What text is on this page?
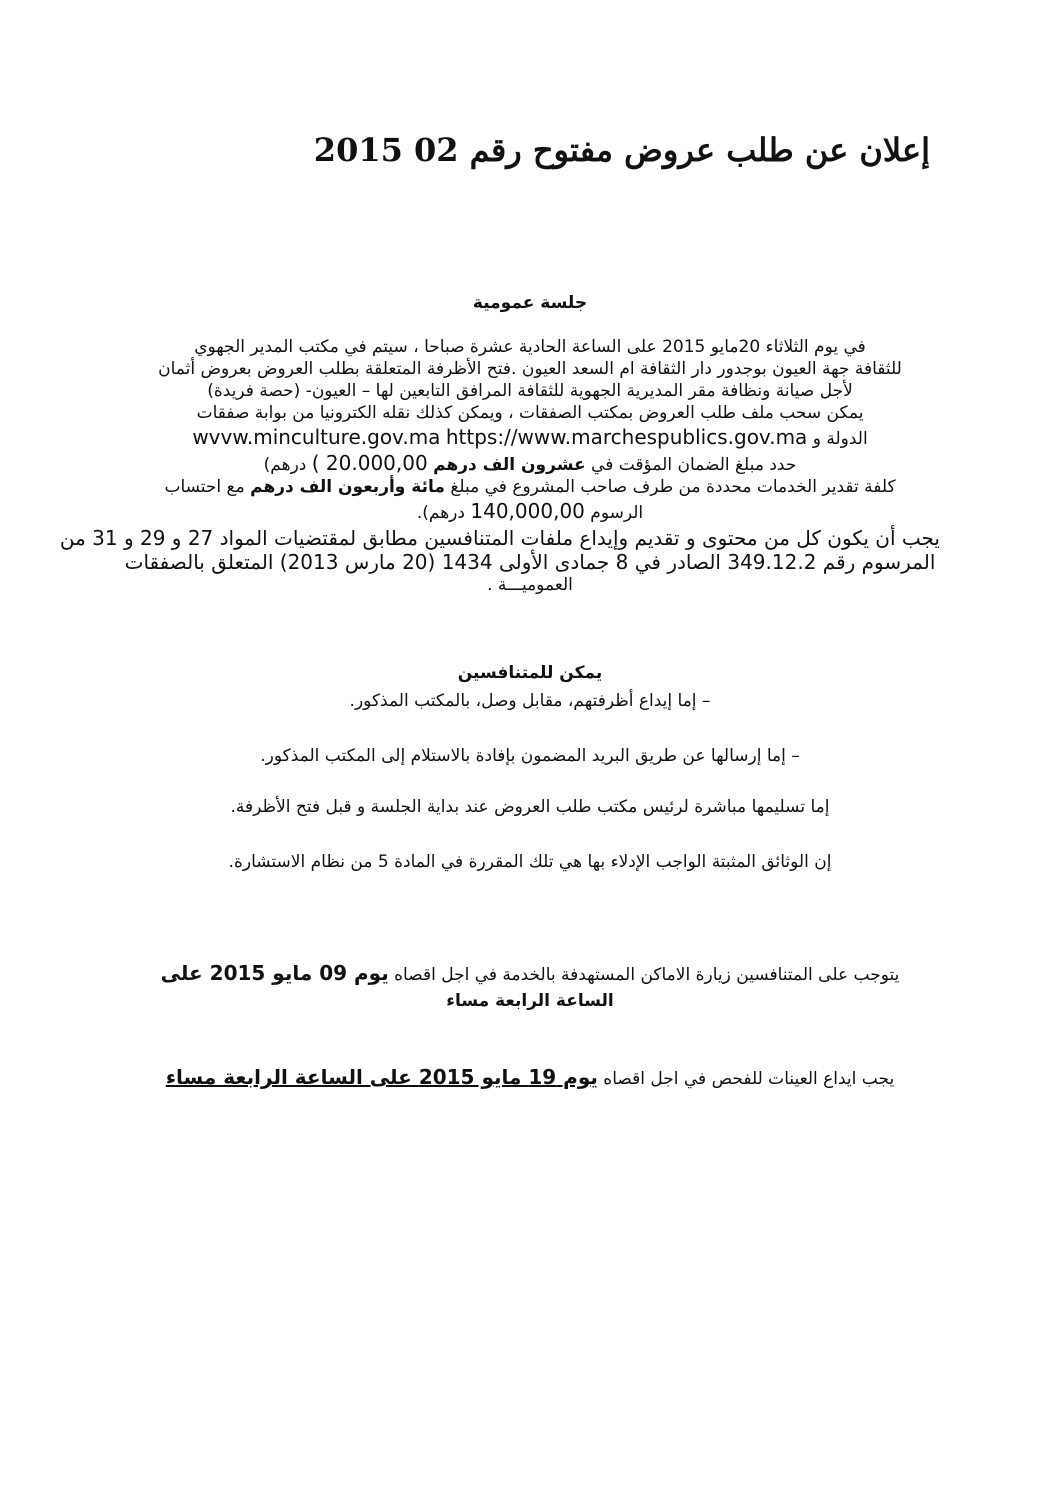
إعلان عن طلب عروض مفتوح رقم 02 2015
جلسة عمومية
في يوم الثلاثاء 20مايو 2015 على الساعة الحادية عشرة صباحا ، سيتم في مكتب المدير الجهوي
للثقافة جهة العيون بوجدور دار الثقافة ام السعد العيون .فتح الأظرفة المتعلقة بطلب العروض بعروض أثمان
لأجل صيانة ونظافة مقر المديرية الجهوية للثقافة المرافق التابعين لها – العيون- (حصة فريدة)
يمكن سحب ملف طلب العروض بمكتب الصفقات ، ويمكن كذلك نقله الكترونيا من بوابة صفقات
الدولة و https://www.marchespublics.gov.ma wvvw.minculture.gov.ma
حدد مبلغ الضمان المؤقت في عشرون الف درهم ( 20.000,00 درهم)
كلفة تقدير الخدمات محددة من طرف صاحب المشروع في مبلغ مائة وأربعون الف درهم مع احتساب
الرسوم 140,000,00 درهم).
يجب أن يكون كل من محتوى و تقديم وإيداع ملفات المتنافسين مطابق لمقتضيات المواد 27 و 29 و 31 من
المرسوم رقم 349.12.2 الصادر في 8 جمادى الأولى 1434 (20 مارس 2013) المتعلق بالصفقات
العموميـــة .
يمكن للمتنافسين
– إما إيداع أظرفتهم، مقابل وصل، بالمكتب المذكور.
– إما إرسالها عن طريق البريد المضمون بإفادة بالاستلام إلى المكتب المذكور.
إما تسليمها مباشرة لرئيس مكتب طلب العروض عند بداية الجلسة و قبل فتح الأظرفة.
إن الوثائق المثبتة الواجب الإدلاء بها هي تلك المقررة في المادة 5 من نظام الاستشارة.
يتوجب على المتنافسين زيارة الاماكن المستهدفة بالخدمة في اجل اقصاه يوم 09 مايو 2015 على
الساعة الرابعة مساء
يجب ايداع العينات للفحص في اجل اقصاه يوم 19 مايو 2015 على الساعة الرابعة مساء
